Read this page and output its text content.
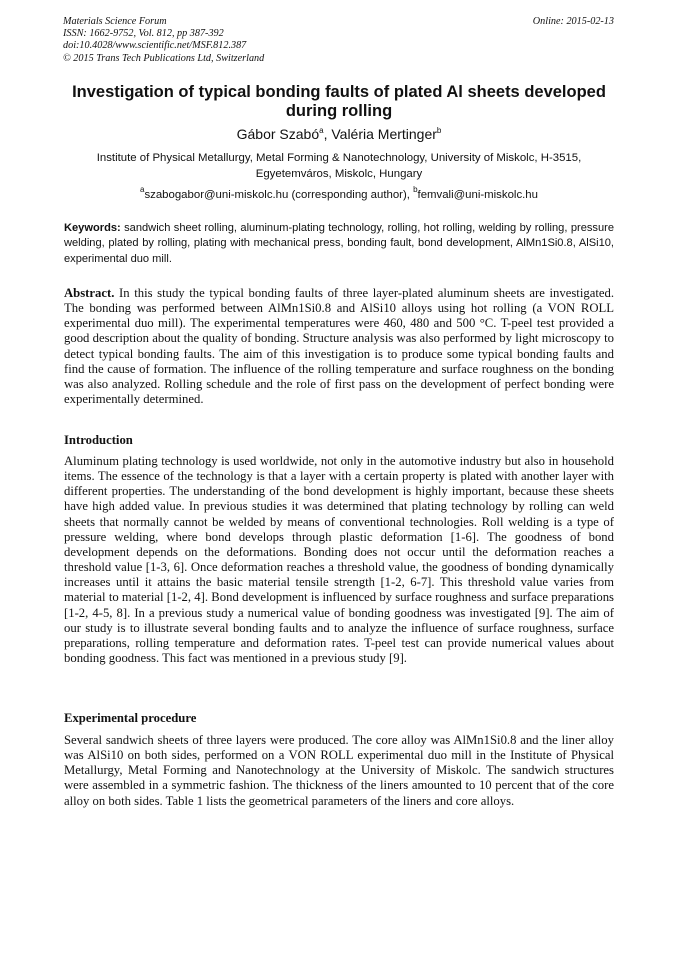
Materials Science Forum
ISSN: 1662-9752, Vol. 812, pp 387-392
doi:10.4028/www.scientific.net/MSF.812.387
© 2015 Trans Tech Publications Ltd, Switzerland
Online: 2015-02-13
Investigation of typical bonding faults of plated Al sheets developed during rolling
Gábor Szabó$^a$, Valéria Mertinger$^b$
Institute of Physical Metallurgy, Metal Forming & Nanotechnology, University of Miskolc, H-3515, Egyetemváros, Miskolc, Hungary
$^a$szabogabor@uni-miskolc.hu (corresponding author), $^b$femvali@uni-miskolc.hu
Keywords: sandwich sheet rolling, aluminum-plating technology, rolling, hot rolling, welding by rolling, pressure welding, plated by rolling, plating with mechanical press, bonding fault, bond development, AlMn1Si0.8, AlSi10, experimental duo mill.
Abstract. In this study the typical bonding faults of three layer-plated aluminum sheets are investigated. The bonding was performed between AlMn1Si0.8 and AlSi10 alloys using hot rolling (a VON ROLL experimental duo mill). The experimental temperatures were 460, 480 and 500 °C. T-peel test provided a good description about the quality of bonding. Structure analysis was also performed by light microscopy to detect typical bonding faults. The aim of this investigation is to produce some typical bonding faults and find the cause of formation. The influence of the rolling temperature and surface roughness on the bonding was also analyzed. Rolling schedule and the role of first pass on the development of perfect bonding were experimentally determined.
Introduction
Aluminum plating technology is used worldwide, not only in the automotive industry but also in household items. The essence of the technology is that a layer with a certain property is plated with another layer with different properties. The understanding of the bond development is highly important, because these sheets have high added value. In previous studies it was determined that plating technology by rolling can weld sheets that normally cannot be welded by means of conventional technologies. Roll welding is a type of pressure welding, where bond develops through plastic deformation [1-6]. The goodness of bond development depends on the deformations. Bonding does not occur until the deformation reaches a threshold value [1-3, 6]. Once deformation reaches a threshold value, the goodness of bonding dynamically increases until it attains the basic material tensile strength [1-2, 6-7]. This threshold value varies from material to material [1-2, 4]. Bond development is influenced by surface roughness and surface preparations [1-2, 4-5, 8]. In a previous study a numerical value of bonding goodness was investigated [9]. The aim of our study is to illustrate several bonding faults and to analyze the influence of surface roughness, surface preparations, rolling temperature and deformation rates. T-peel test can provide numerical values about bonding goodness. This fact was mentioned in a previous study [9].
Experimental procedure
Several sandwich sheets of three layers were produced. The core alloy was AlMn1Si0.8 and the liner alloy was AlSi10 on both sides, performed on a VON ROLL experimental duo mill in the Institute of Physical Metallurgy, Metal Forming and Nanotechnology at the University of Miskolc. The sandwich structures were assembled in a symmetric fashion. The thickness of the liners amounted to 10 percent that of the core alloy on both sides. Table 1 lists the geometrical parameters of the liners and core alloys.
